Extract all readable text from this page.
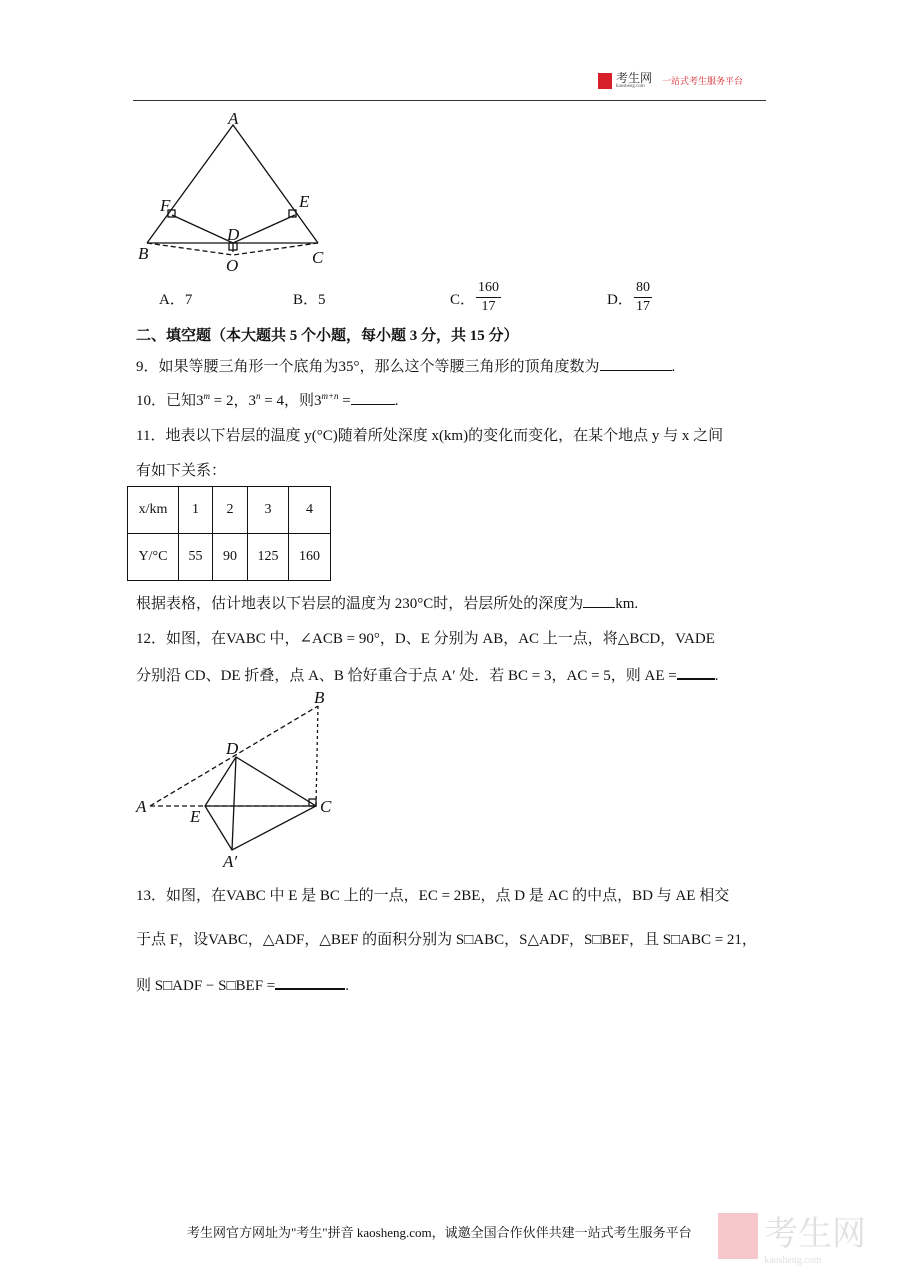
考生网
kaosheng.com	一站式考生服务平台
A
F	E
D
B
O	C
A．7	B．5	C． $\frac{160}{17}$	D． $\frac{80}{17}$
二、填空题（本大题共 5 个小题，每小题 3 分，共 15 分）
9．如果等腰三角形一个底角为35°，那么这个等腰三角形的顶角度数为	.
10．已知$3^m = 2$，$3^n = 4$，则$3^{m+n}$ =	.
11．地表以下岩层的温度 y(°C)随着所处深度 x(km)的变化而变化，在某个地点 y 与 x 之间
有如下关系：
x/km	1	2	3	4
Y/°C	55	90	125	160
根据表格，估计地表以下岩层的温度为 230°C时，岩层所处的深度为 km.
12．如图，在VABC 中，∠ACB = 90°，D、E 分别为 AB，AC 上一点，将△BCD，VADE
分别沿 CD、DE 折叠，点 A、B 恰好重合于点 A′ 处．若 BC = 3，AC = 5，则 AE =	.
B
D
A	C
E
A′
13．如图，在VABC 中 E 是 BC 上的一点，EC = 2BE，点 D 是 AC 的中点，BD 与 AE 相交
于点 F，设VABC，△ADF，△BEF 的面积分别为 S□ABC，S△ADF，S□BEF，且 S□ABC = 21，
则 S□ADF − S□BEF =	.
考生网
kaosheng.com
考生网官方网址为"考生"拼音 kaosheng.com，诚邀全国合作伙伴共建一站式考生服务平台
